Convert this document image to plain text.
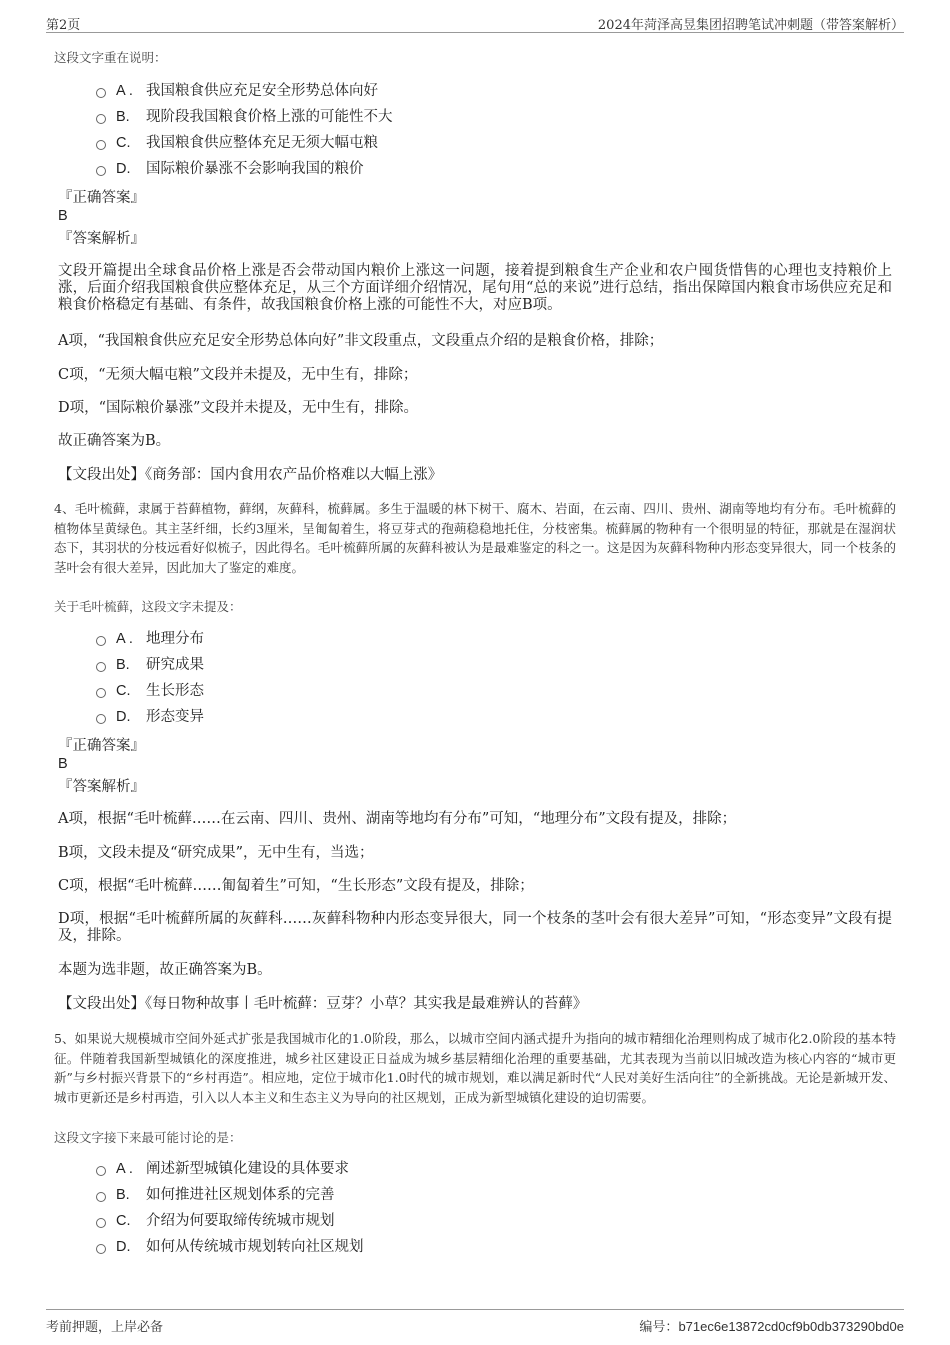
第2页	2024年菏泽高昱集团招聘笔试冲刺题（带答案解析）
这段文字重在说明：
A . 我国粮食供应充足安全形势总体向好
B. 现阶段我国粮食价格上涨的可能性不大
C. 我国粮食供应整体充足无须大幅屯粮
D. 国际粮价暴涨不会影响我国的粮价
『正确答案』
B
『答案解析』
文段开篇提出全球食品价格上涨是否会带动国内粮价上涨这一问题，接着提到粮食生产企业和农户囤货惜售的心理也支持粮价上涨，后面介绍我国粮食供应整体充足，从三个方面详细介绍情况，尾句用“总的来说”进行总结，指出保障国内粮食市场供应充足和粮食价格稳定有基础、有条件，故我国粮食价格上涨的可能性不大，对应B项。
A项，“我国粮食供应充足安全形势总体向好”非文段重点，文段重点介绍的是粮食价格，排除；
C项，“无须大幅屯粮”文段并未提及，无中生有，排除；
D项，“国际粮价暴涨”文段并未提及，无中生有，排除。
故正确答案为B。
【文段出处】《商务部：国内食用农产品价格难以大幅上涨》
4、毛叶梳藓，隶属于苔藓植物，藓纲，灰藓科，梳藓属。多生于温暖的林下树干、腐木、岩面，在云南、四川、贵州、湖南等地均有分布。毛叶梳藓的植物体呈黄绿色。其主茎纤细，长约3厘米，呈匍匐着生，将豆芽式的孢蒴稳稳地托住，分枝密集。梳藓属的物种有一个很明显的特征，那就是在湿润状态下，其羽状的分枝远看好似梳子，因此得名。毛叶梳藓所属的灰藓科被认为是最难鉴定的科之一。这是因为灰藓科物种内形态变异很大，同一个枝条的茎叶会有很大差异，因此加大了鉴定的难度。
关于毛叶梳藓，这段文字未提及：
A . 地理分布
B. 研究成果
C. 生长形态
D. 形态变异
『正确答案』
B
『答案解析』
A项，根据“毛叶梳藓……在云南、四川、贵州、湖南等地均有分布”可知，“地理分布”文段有提及，排除；
B项，文段未提及“研究成果”，无中生有，当选；
C项，根据“毛叶梳藓……匍匐着生”可知，“生长形态”文段有提及，排除；
D项，根据“毛叶梳藓所属的灰藓科……灰藓科物种内形态变异很大，同一个枝条的茎叶会有很大差异”可知，“形态变异”文段有提及，排除。
本题为选非题，故正确答案为B。
【文段出处】《每日物种故事丨毛叶梳藓：豆芽？小草？其实我是最难辨认的苔藓》
5、如果说大规模城市空间外延式扩张是我国城市化的1.0阶段，那么，以城市空间内涵式提升为指向的城市精细化治理则构成了城市化2.0阶段的基本特征。伴随着我国新型城镇化的深度推进，城乡社区建设正日益成为城乡基层精细化治理的重要基础，尤其表现为当前以旧城改造为核心内容的“城市更新”与乡村振兴背景下的“乡村再造”。相应地，定位于城市化1.0时代的城市规划，难以满足新时代“人民对美好生活向往”的全新挑战。无论是新城开发、城市更新还是乡村再造，引入以人本主义和生态主义为导向的社区规划，正成为新型城镇化建设的迫切需要。
这段文字接下来最可能讨论的是：
A . 阐述新型城镇化建设的具体要求
B. 如何推进社区规划体系的完善
C. 介绍为何要取缔传统城市规划
D. 如何从传统城市规划转向社区规划
考前押题，上岸必备	编号：b71ec6e13872cd0cf9b0db373290bd0e
